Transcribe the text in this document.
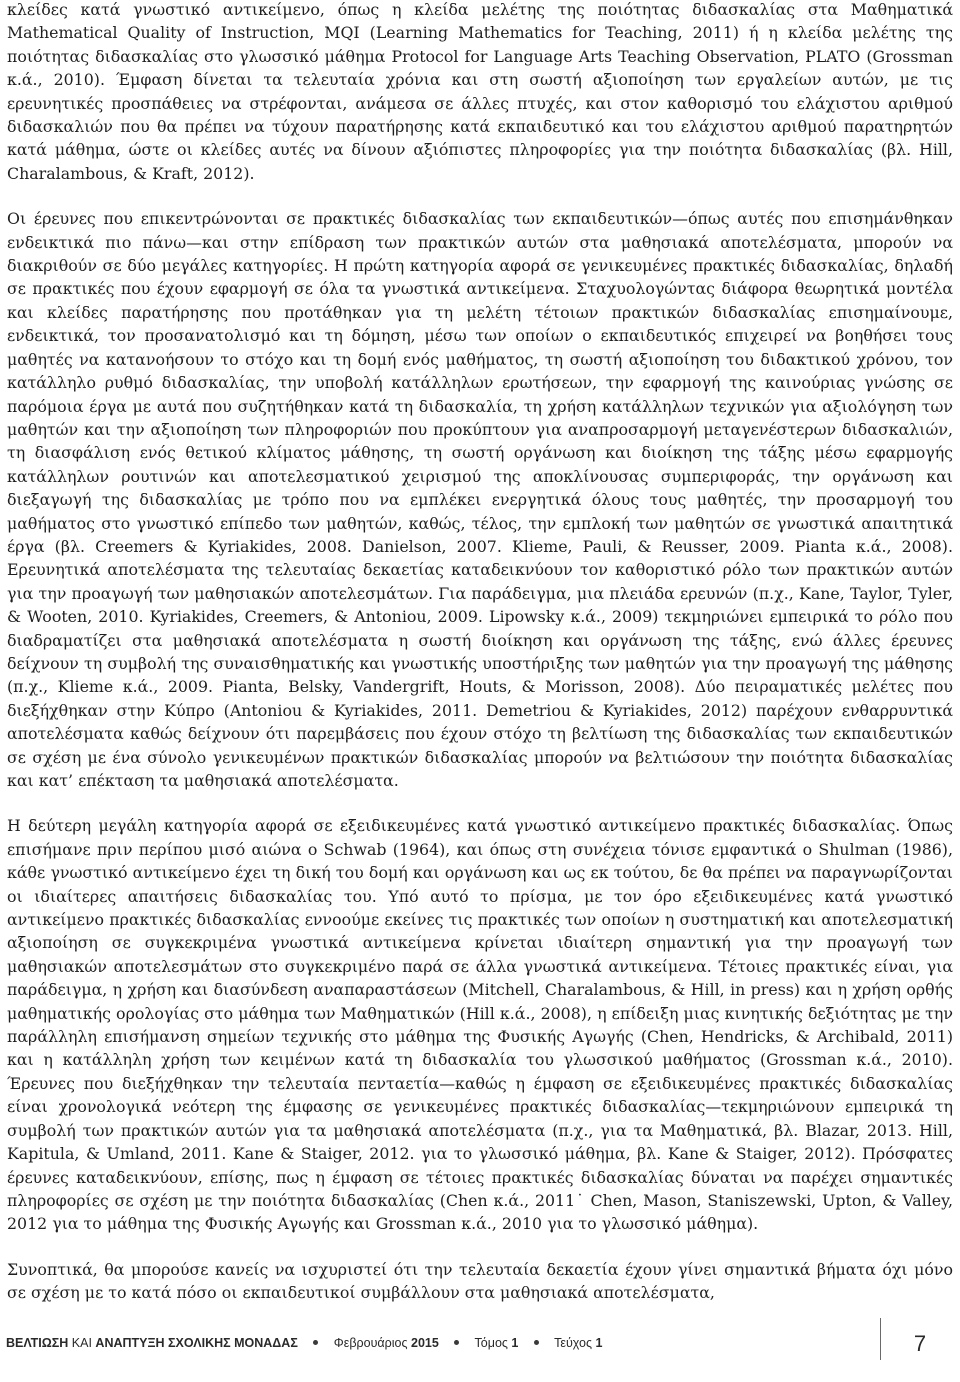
κλείδες κατά γνωστικό αντικείμενο, όπως η κλείδα μελέτης της ποιότητας διδασκαλίας στα Μαθηματικά Mathematical Quality of Instruction, MQI (Learning Mathematics for Teaching, 2011) ή η κλείδα μελέτης της ποιότητας διδασκαλίας στο γλωσσικό μάθημα Protocol for Language Arts Teaching Observation, PLATO (Grossman κ.ά., 2010). Έμφαση δίνεται τα τελευταία χρόνια και στη σωστή αξιοποίηση των εργαλείων αυτών, με τις ερευνητικές προσπάθειες να στρέφονται, ανάμεσα σε άλλες πτυχές, και στον καθορισμό του ελάχιστου αριθμού διδασκαλιών που θα πρέπει να τύχουν παρατήρησης κατά εκπαιδευτικό και του ελάχιστου αριθμού παρατηρητών κατά μάθημα, ώστε οι κλείδες αυτές να δίνουν αξιόπιστες πληροφορίες για την ποιότητα διδασκαλίας (βλ. Hill, Charalambous, & Kraft, 2012).

Οι έρευνες που επικεντρώνονται σε πρακτικές διδασκαλίας των εκπαιδευτικών—όπως αυτές που επισημάνθηκαν ενδεικτικά πιο πάνω—και στην επίδραση των πρακτικών αυτών στα μαθησιακά αποτελέσματα, μπορούν να διακριθούν σε δύο μεγάλες κατηγορίες. Η πρώτη κατηγορία αφορά σε γενικευμένες πρακτικές διδασκαλίας, δηλαδή σε πρακτικές που έχουν εφαρμογή σε όλα τα γνωστικά αντικείμενα. Σταχυολογώντας διάφορα θεωρητικά μοντέλα και κλείδες παρατήρησης που προτάθηκαν για τη μελέτη τέτοιων πρακτικών διδασκαλίας επισημαίνουμε, ενδεικτικά, τον προσανατολισμό και τη δόμηση, μέσω των οποίων ο εκπαιδευτικός επιχειρεί να βοηθήσει τους μαθητές να κατανοήσουν το στόχο και τη δομή ενός μαθήματος, τη σωστή αξιοποίηση του διδακτικού χρόνου, τον κατάλληλο ρυθμό διδασκαλίας, την υποβολή κατάλληλων ερωτήσεων, την εφαρμογή της καινούριας γνώσης σε παρόμοια έργα με αυτά που συζητήθηκαν κατά τη διδασκαλία, τη χρήση κατάλληλων τεχνικών για αξιολόγηση των μαθητών και την αξιοποίηση των πληροφοριών που προκύπτουν για αναπροσαρμογή μεταγενέστερων διδασκαλιών, τη διασφάλιση ενός θετικού κλίματος μάθησης, τη σωστή οργάνωση και διοίκηση της τάξης μέσω εφαρμογής κατάλληλων ρουτινών και αποτελεσματικού χειρισμού της αποκλίνουσας συμπεριφοράς, την οργάνωση και διεξαγωγή της διδασκαλίας με τρόπο που να εμπλέκει ενεργητικά όλους τους μαθητές, την προσαρμογή του μαθήματος στο γνωστικό επίπεδο των μαθητών, καθώς, τέλος, την εμπλοκή των μαθητών σε γνωστικά απαιτητικά έργα (βλ. Creemers & Kyriakides, 2008. Danielson, 2007. Klieme, Pauli, & Reusser, 2009. Pianta κ.ά., 2008). Ερευνητικά αποτελέσματα της τελευταίας δεκαετίας καταδεικνύουν τον καθοριστικό ρόλο των πρακτικών αυτών για την προαγωγή των μαθησιακών αποτελεσμάτων. Για παράδειγμα, μια πλειάδα ερευνών (π.χ., Kane, Taylor, Tyler, & Wooten, 2010. Kyriakides, Creemers, & Antoniou, 2009. Lipowsky κ.ά., 2009) τεκμηριώνει εμπειρικά το ρόλο που διαδραματίζει στα μαθησιακά αποτελέσματα η σωστή διοίκηση και οργάνωση της τάξης, ενώ άλλες έρευνες δείχνουν τη συμβολή της συναισθηματικής και γνωστικής υποστήριξης των μαθητών για την προαγωγή της μάθησης (π.χ., Klieme κ.ά., 2009. Pianta, Belsky, Vandergrift, Houts, & Morisson, 2008). Δύο πειραματικές μελέτες που διεξήχθηκαν στην Κύπρο (Antoniou & Kyriakides, 2011. Demetriou & Kyriakides, 2012) παρέχουν ενθαρρυντικά αποτελέσματα καθώς δείχνουν ότι παρεμβάσεις που έχουν στόχο τη βελτίωση της διδασκαλίας των εκπαιδευτικών σε σχέση με ένα σύνολο γενικευμένων πρακτικών διδασκαλίας μπορούν να βελτιώσουν την ποιότητα διδασκαλίας και κατ’ επέκταση τα μαθησιακά αποτελέσματα.

Η δεύτερη μεγάλη κατηγορία αφορά σε εξειδικευμένες κατά γνωστικό αντικείμενο πρακτικές διδασκαλίας. Όπως επισήμανε πριν περίπου μισό αιώνα ο Schwab (1964), και όπως στη συνέχεια τόνισε εμφαντικά ο Shulman (1986), κάθε γνωστικό αντικείμενο έχει τη δική του δομή και οργάνωση και ως εκ τούτου, δε θα πρέπει να παραγνωρίζονται οι ιδιαίτερες απαιτήσεις διδασκαλίας του. Υπό αυτό το πρίσμα, με τον όρο εξειδικευμένες κατά γνωστικό αντικείμενο πρακτικές διδασκαλίας εννοούμε εκείνες τις πρακτικές των οποίων η συστηματική και αποτελεσματική αξιοποίηση σε συγκεκριμένα γνωστικά αντικείμενα κρίνεται ιδιαίτερη σημαντική για την προαγωγή των μαθησιακών αποτελεσμάτων στο συγκεκριμένο παρά σε άλλα γνωστικά αντικείμενα. Τέτοιες πρακτικές είναι, για παράδειγμα, η χρήση και διασύνδεση αναπαραστάσεων (Mitchell, Charalambous, & Hill, in press) και η χρήση ορθής μαθηματικής ορολογίας στο μάθημα των Μαθηματικών (Hill κ.ά., 2008), η επίδειξη μιας κινητικής δεξιότητας με την παράλληλη επισήμανση σημείων τεχνικής στο μάθημα της Φυσικής Αγωγής (Chen, Hendricks, & Archibald, 2011) και η κατάλληλη χρήση των κειμένων κατά τη διδασκαλία του γλωσσικού μαθήματος (Grossman κ.ά., 2010). Έρευνες που διεξήχθηκαν την τελευταία πενταετία—καθώς η έμφαση σε εξειδικευμένες πρακτικές διδασκαλίας είναι χρονολογικά νεότερη της έμφασης σε γενικευμένες πρακτικές διδασκαλίας—τεκμηριώνουν εμπειρικά τη συμβολή των πρακτικών αυτών για τα μαθησιακά αποτελέσματα (π.χ., για τα Μαθηματικά, βλ. Blazar, 2013. Hill, Kapitula, & Umland, 2011. Kane & Staiger, 2012. για το γλωσσικό μάθημα, βλ. Kane & Staiger, 2012). Πρόσφατες έρευνες καταδεικνύουν, επίσης, πως η έμφαση σε τέτοιες πρακτικές διδασκαλίας δύναται να παρέχει σημαντικές πληροφορίες σε σχέση με την ποιότητα διδασκαλίας (Chen κ.ά., 2011˙ Chen, Mason, Staniszewski, Upton, & Valley, 2012 για το μάθημα της Φυσικής Αγωγής και Grossman κ.ά., 2010 για το γλωσσικό μάθημα).

Συνοπτικά, θα μπορούσε κανείς να ισχυριστεί ότι την τελευταία δεκαετία έχουν γίνει σημαντικά βήματα όχι μόνο σε σχέση με το κατά πόσο οι εκπαιδευτικοί συμβάλλουν στα μαθησιακά αποτελέσματα,

ΒΕΛΤΙΩΣΗ ΚΑΙ ΑΝΑΠΤΥΞΗ ΣΧΟΛΙΚΗΣ ΜΟΝΑΔΑΣ	Φεβρουάριος 2015	Τόμος 1	Τεύχος 1	7
